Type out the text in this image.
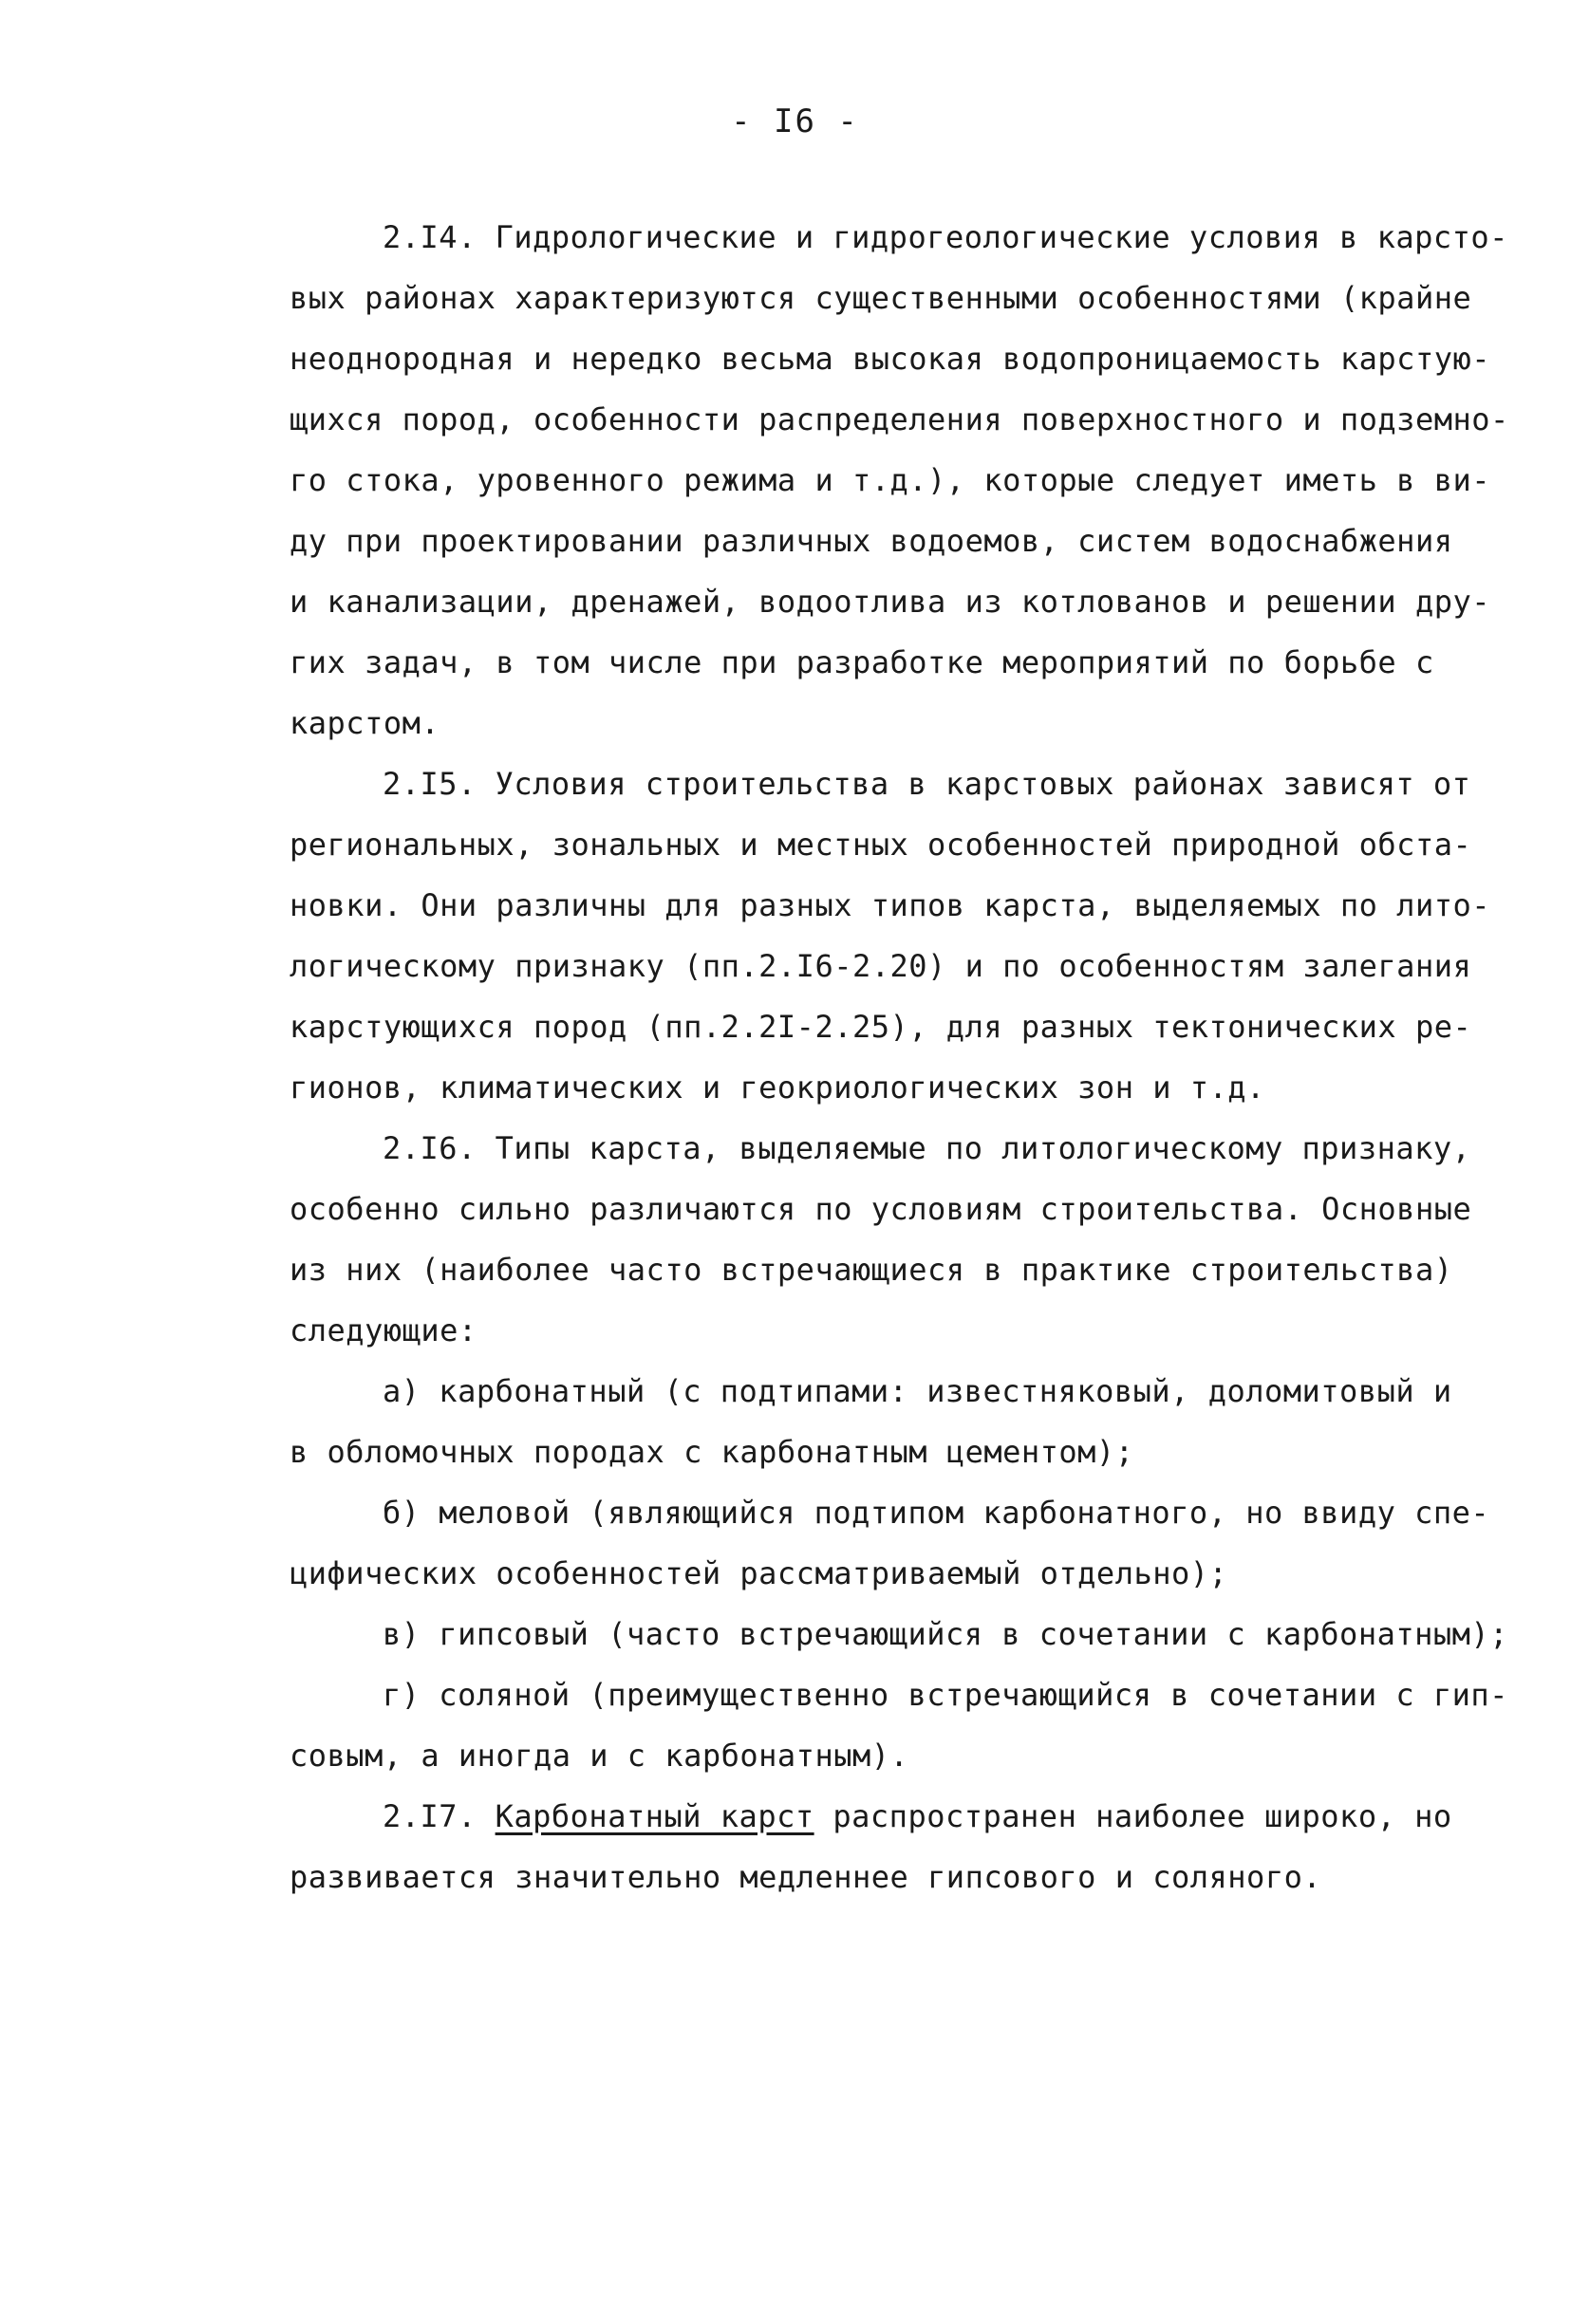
- I6 -
2.I4. Гидрологические и гидрогеологические условия в карсто-
вых районах характеризуются существенными особенностями (крайне
неоднородная и нередко весьма высокая водопроницаемость карстую-
щихся пород, особенности распределения поверхностного и подземно-
го стока, уровенного режима и т.д.), которые следует иметь в ви-
ду при проектировании различных водоемов, систем водоснабжения
и канализации, дренажей, водоотлива из котлованов и решении дру-
гих задач, в том числе при разработке мероприятий по борьбе с
карстом.
2.I5. Условия строительства в карстовых районах зависят от
региональных, зональных и местных особенностей природной обста-
новки. Они различны для разных типов карста, выделяемых по лито-
логическому признаку (пп.2.I6-2.20) и по особенностям залегания
карстующихся пород (пп.2.2I-2.25), для разных тектонических ре-
гионов, климатических и геокриологических зон и т.д.
2.I6. Типы карста, выделяемые по литологическому признаку,
особенно сильно различаются по условиям строительства. Основные
из них (наиболее часто встречающиеся в практике строительства)
следующие:
а) карбонатный (с подтипами: известняковый, доломитовый и
в обломочных породах с карбонатным цементом);
б) меловой (являющийся подтипом карбонатного, но ввиду спе-
цифических особенностей рассматриваемый отдельно);
в) гипсовый (часто встречающийся в сочетании с карбонатным);
г) соляной (преимущественно встречающийся в сочетании с гип-
совым, а иногда и с карбонатным).
2.I7. Карбонатный карст распространен наиболее широко, но
развивается значительно медленнее гипсового и соляного.
